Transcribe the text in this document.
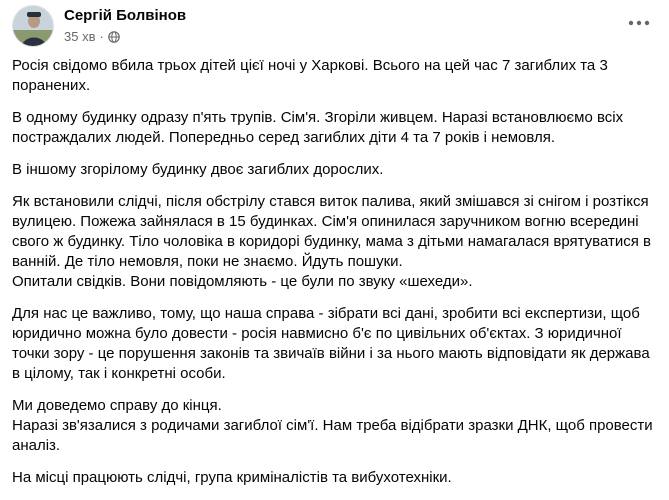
Сергій Болвінов
35 хв ·

Росія свідомо вбила трьох дітей цієї ночі у Харкові. Всього на цей час 7 загиблих та 3
поранених.

В одному будинку одразу п'ять трупів. Сім'я. Згоріли живцем. Наразі встановлюємо всіх
постраждалих людей. Попередньо серед загиблих діти 4 та 7 років і немовля.

В іншому згорілому будинку двоє загиблих дорослих.

Як встановили слідчі, після обстрілу стався виток палива, який змішався зі снігом і розтікся
вулицею. Пожежа зайнялася в 15 будинках. Сім'я опинилася заручником вогню всередині
свого ж будинку. Тіло чоловіка в коридорі будинку, мама з дітьми намагалася врятуватися в
ванній. Де тіло немовля, поки не знаємо. Йдуть пошуки.
Опитали свідків. Вони повідомляють - це були по звуку «шехеди».

Для нас це важливо, тому, що наша справа - зібрати всі дані, зробити всі експертизи, щоб
юридично можна було довести - росія навмисно б'є по цивільних об'єктах. З юридичної
точки зору - це порушення законів та звичаїв війни і за нього мають відповідати як держава
в цілому, так і конкретні особи.

Ми доведемо справу до кінця.
Наразі зв'язалися з родичами загиблої сім'ї. Нам треба відібрати зразки ДНК, щоб провести
аналіз.

На місці працюють слідчі, група криміналістів та вибухотехніки.
